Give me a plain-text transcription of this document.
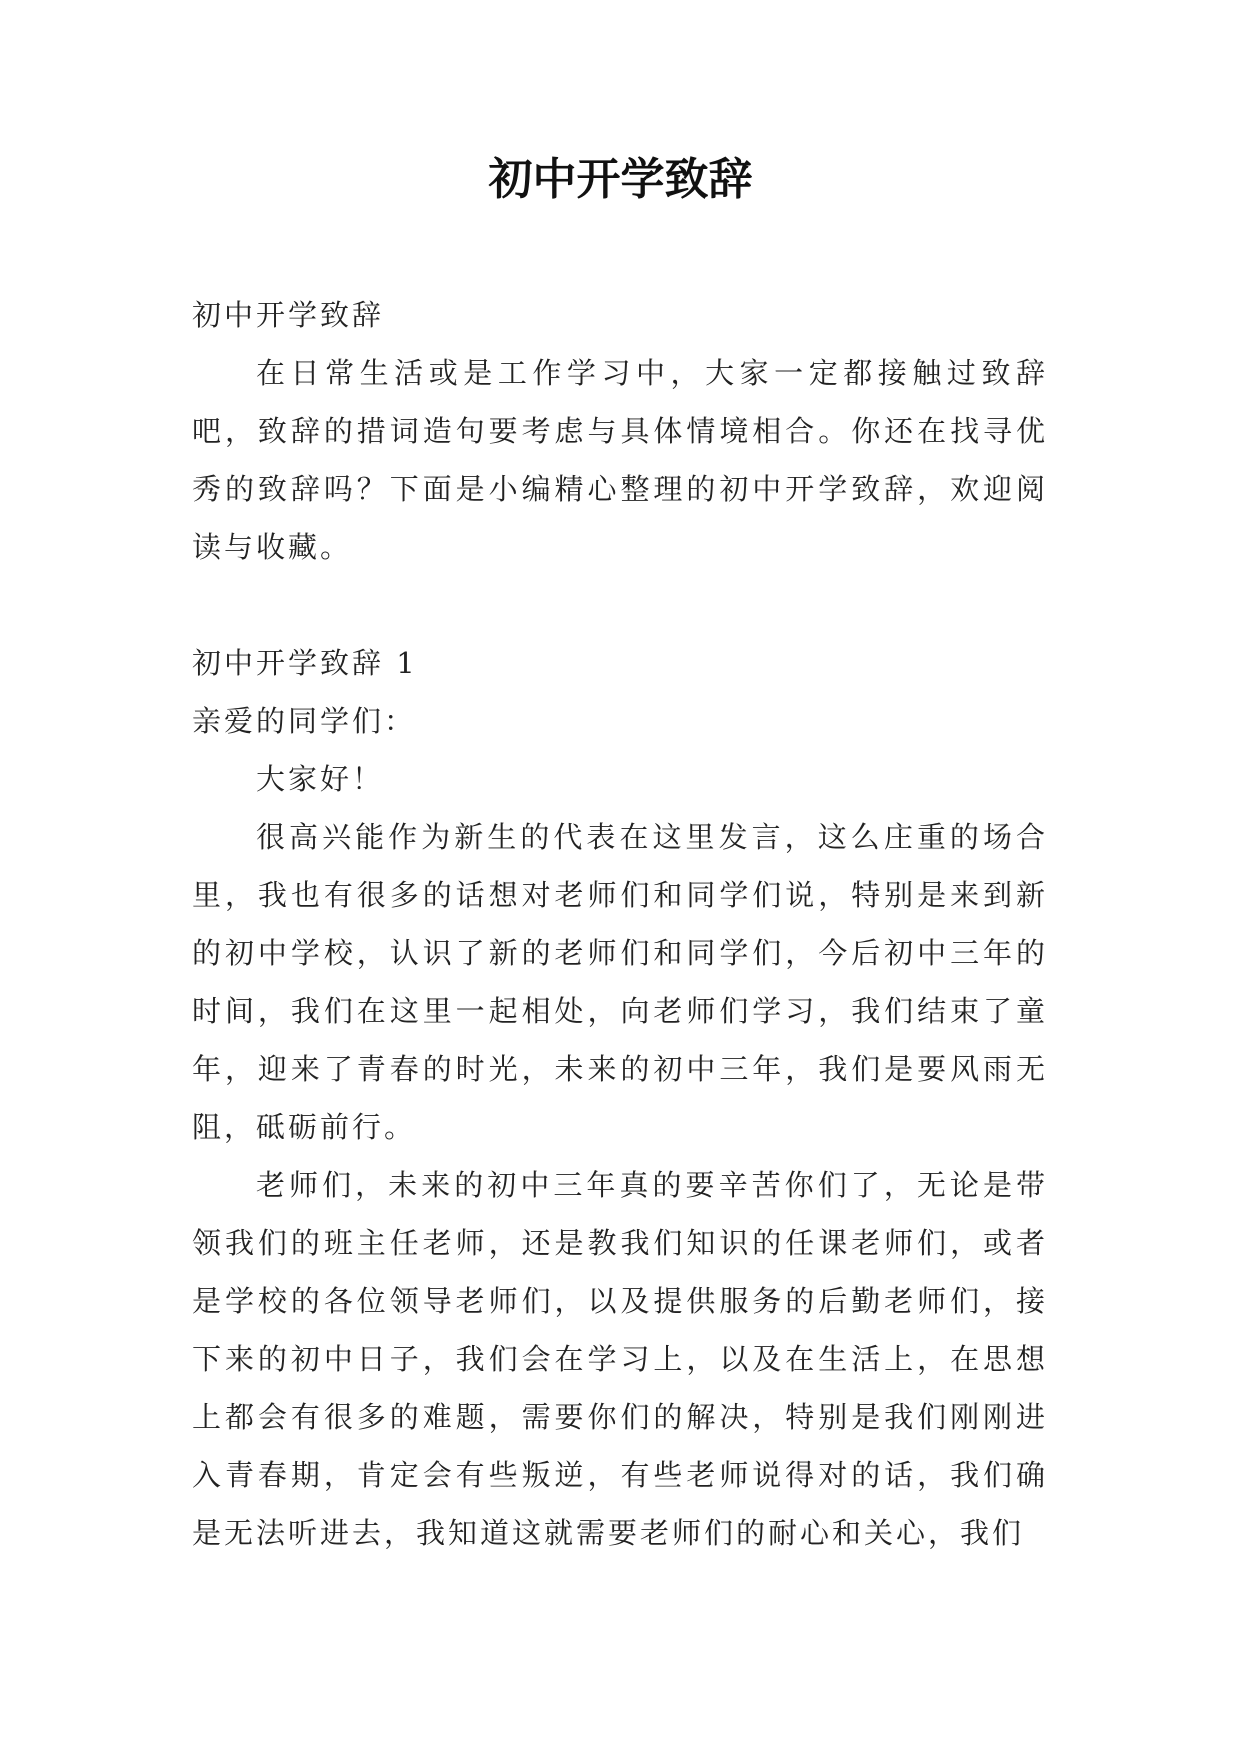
初中开学致辞

初中开学致辞

在日常生活或是工作学习中，大家一定都接触过致辞吧，致辞的措词造句要考虑与具体情境相合。你还在找寻优秀的致辞吗？下面是小编精心整理的初中开学致辞，欢迎阅读与收藏。

初中开学致辞 1

亲爱的同学们：

大家好！

很高兴能作为新生的代表在这里发言，这么庄重的场合里，我也有很多的话想对老师们和同学们说，特别是来到新的初中学校，认识了新的老师们和同学们，今后初中三年的时间，我们在这里一起相处，向老师们学习，我们结束了童年，迎来了青春的时光，未来的初中三年，我们是要风雨无阻，砥砺前行。

老师们，未来的初中三年真的要辛苦你们了，无论是带领我们的班主任老师，还是教我们知识的任课老师们，或者是学校的各位领导老师们，以及提供服务的后勤老师们，接下来的初中日子，我们会在学习上，以及在生活上，在思想上都会有很多的难题，需要你们的解决，特别是我们刚刚进入青春期，肯定会有些叛逆，有些老师说得对的话，我们确是无法听进去，我知道这就需要老师们的耐心和关心，我们
